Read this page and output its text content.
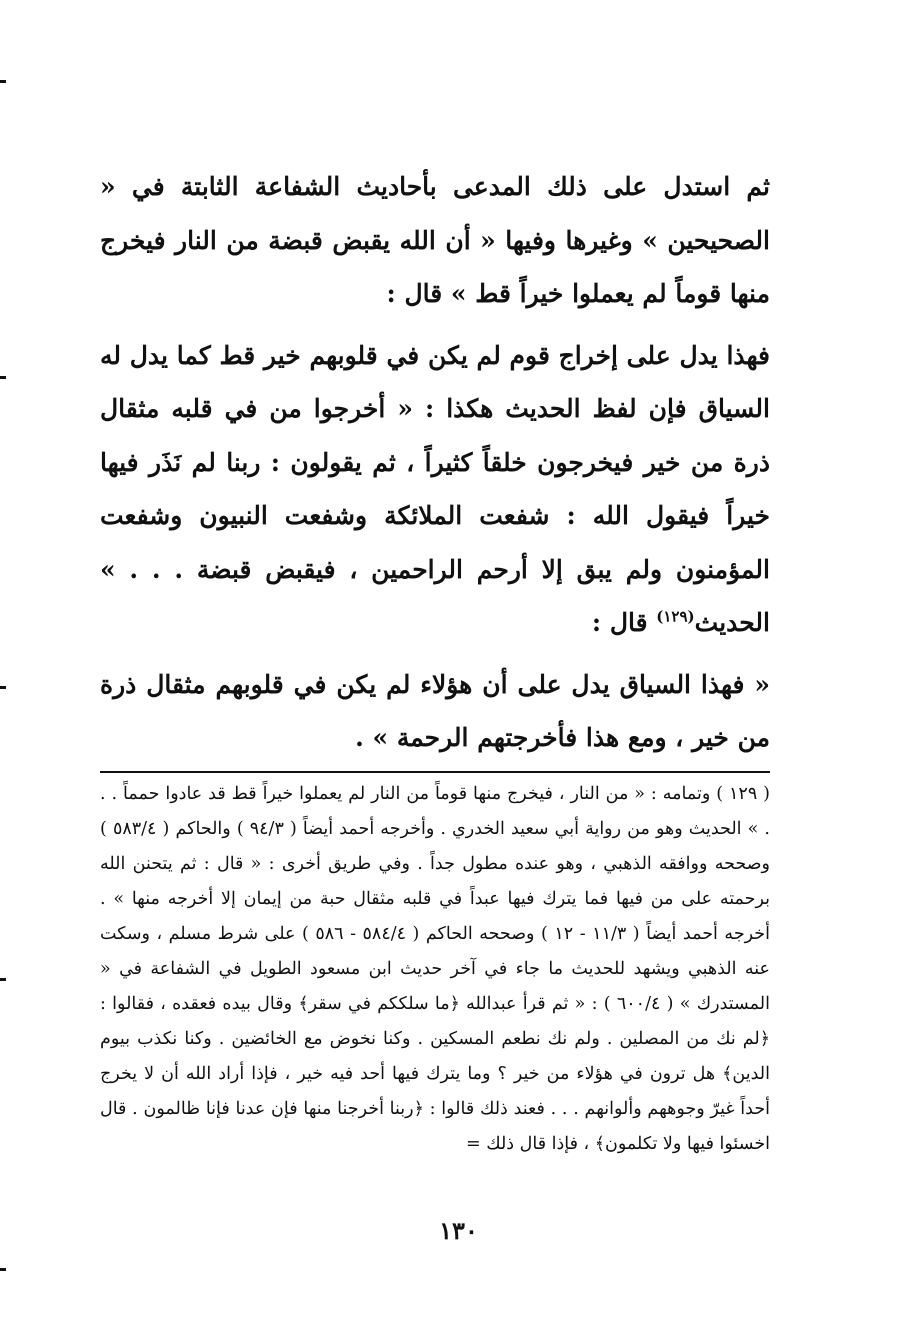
ثم استدل على ذلك المدعى بأحاديث الشفاعة الثابتة في « الصحيحين » وغيرها وفيها « أن الله يقبض قبضة من النار فيخرج منها قوماً لم يعملوا خيراً قط » قال :

فهذا يدل على إخراج قوم لم يكن في قلوبهم خير قط كما يدل له السياق فإن لفظ الحديث هكذا : « أخرجوا من في قلبه مثقال ذرة من خير فيخرجون خلقاً كثيراً ، ثم يقولون : ربنا لم نَذَر فيها خيراً فيقول الله : شفعت الملائكة وشفعت النبيون وشفعت المؤمنون ولم يبق إلا أرحم الراحمين ، فيقبض قبضة . . . » الحديث$^{(١٢٩)}$ قال :

« فهذا السياق يدل على أن هؤلاء لم يكن في قلوبهم مثقال ذرة من خير ، ومع هذا فأخرجتهم الرحمة » .

( ١٢٩ ) وتمامه : « من النار ، فيخرج منها قوماً من النار لم يعملوا خيراً قط قد عادوا حمماً . . . » الحديث وهو من رواية أبي سعيد الخدري . وأخرجه أحمد أيضاً ( ٩٤/٣ ) والحاكم ( ٥٨٣/٤ ) وصححه ووافقه الذهبي ، وهو عنده مطول جداً . وفي طريق أخرى : « قال : ثم يتحنن الله برحمته على من فيها فما يترك فيها عبداً في قلبه مثقال حبة من إيمان إلا أخرجه منها » . أخرجه أحمد أيضاً ( ١١/٣ - ١٢ ) وصححه الحاكم ( ٥٨٤/٤ - ٥٨٦ ) على شرط مسلم ، وسكت عنه الذهبي ويشهد للحديث ما جاء في آخر حديث ابن مسعود الطويل في الشفاعة في « المستدرك » ( ٦٠٠/٤ ) : « ثم قرأ عبدالله ﴿ما سلككم في سقر﴾ وقال بيده فعقده ، فقالوا : ﴿لم نك من المصلين . ولم نك نطعم المسكين . وكنا نخوض مع الخائضين . وكنا نكذب بيوم الدين﴾ هل ترون في هؤلاء من خير ؟ وما يترك فيها أحد فيه خير ، فإذا أراد الله أن لا يخرج أحداً غيرّ وجوههم وألوانهم . . . فعند ذلك قالوا : ﴿ربنا أخرجنا منها فإن عدنا فإنا ظالمون . قال اخسئوا فيها ولا تكلمون﴾ ، فإذا قال ذلك =
١٣٠
